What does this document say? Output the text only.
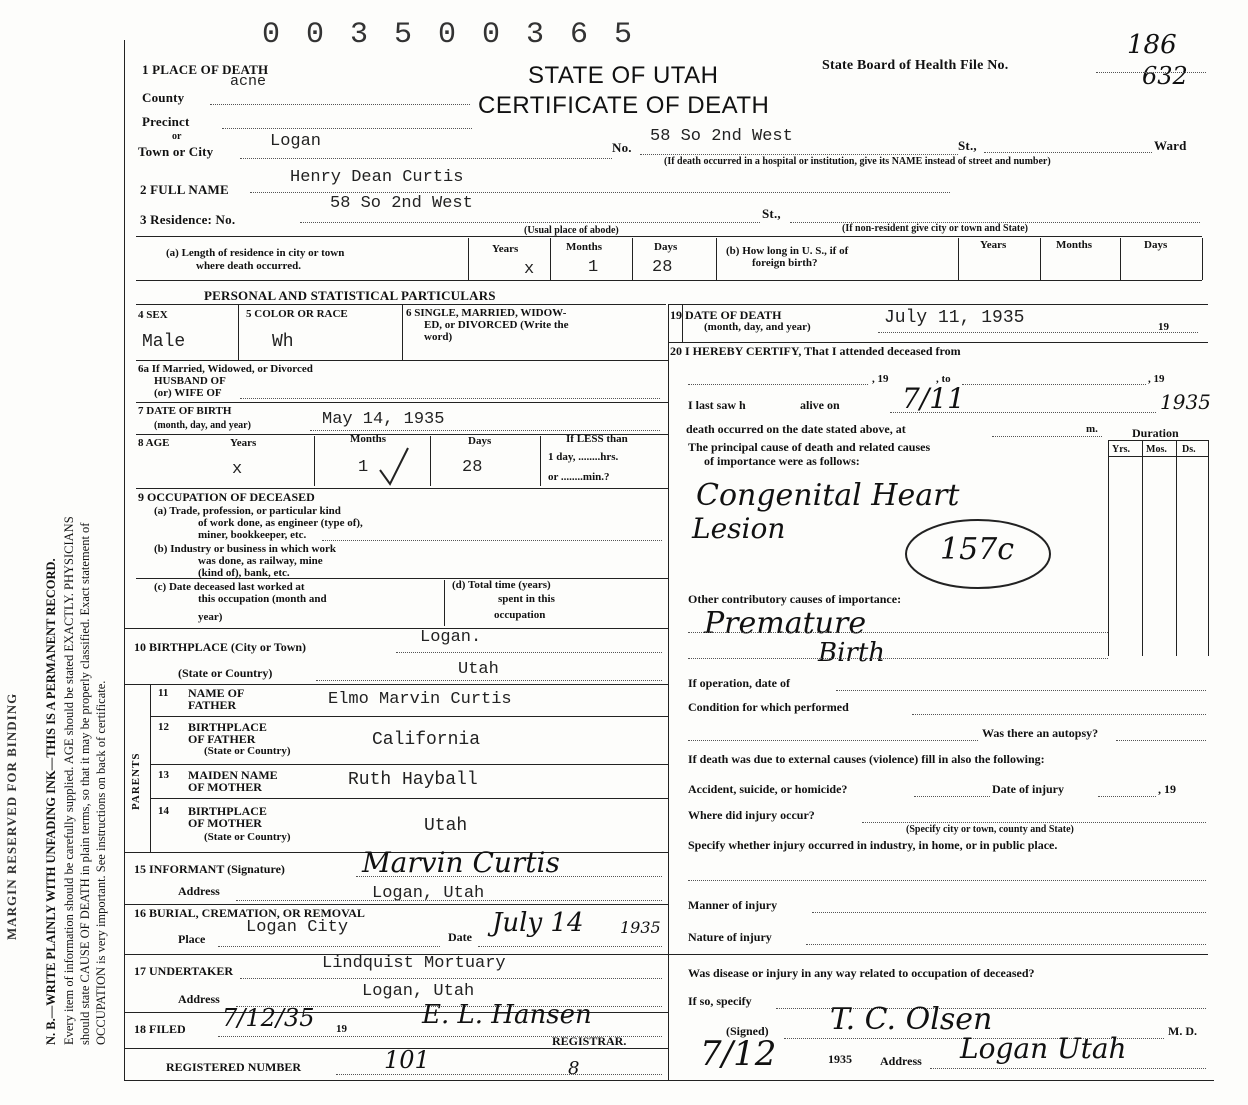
N. B.—WRITE PLAINLY WITH UNFADING INK—THIS IS A PERMANENT RECORD. Every item of information should be carefully supplied. AGE should be stated EXACTLY. PHYSICIANS should state CAUSE OF DEATH in plain terms, so that it may be properly classified. Exact statement of OCCUPATION is very important. See instructions on back of certificate.
MARGIN RESERVED FOR BINDING
0 0 3 5 0 0 3 6 5
STATE OF UTAH
CERTIFICATE OF DEATH
State Board of Health File No.
186
632
1 PLACE OF DEATH
County
acne
Precinct
or
Town or City
Logan	No.
58 So 2nd West	St.,	Ward
(If death occurred in a hospital or institution, give its NAME instead of street and number)
2 FULL NAME
Henry Dean Curtis
3 Residence: No.
58 So 2nd West
St.,
(Usual place of abode)	(If non-resident give city or town and State)
(a) Length of residence in city or town
where death occurred.
Years	Months	Days
x	1	28
(b) How long in U. S., if of
foreign birth?
Years	Months	Days
PERSONAL AND STATISTICAL PARTICULARS
4 SEX
Male
5 COLOR OR RACE
Wh
6 SINGLE, MARRIED, WIDOW-
ED, or DIVORCED (Write the
word)
6a If Married, Widowed, or Divorced
HUSBAND OF
(or) WIFE OF
7 DATE OF BIRTH
(month, day, and year)	May 14, 1935
8 AGE	Years	Months	Days	If LESS than
1 day, ........hrs.
or ........min.?
x	1	28
9 OCCUPATION OF DECEASED
(a) Trade, profession, or particular kind
of work done, as engineer (type of),
miner, bookkeeper, etc.
(b) Industry or business in which work
was done, as railway, mine
(kind of), bank, etc.
(c) Date deceased last worked at
this occupation (month and
year)
(d) Total time (years)
spent in this
occupation
10 BIRTHPLACE (City or Town)	Logan.
(State or Country)	Utah
PARENTS
11 NAME OF
FATHER	Elmo Marvin Curtis
12 BIRTHPLACE
OF FATHER
(State or Country)
California
13 MAIDEN NAME
OF MOTHER	Ruth Hayball
14 BIRTHPLACE
OF MOTHER
(State or Country)
Utah
15 INFORMANT (Signature)	Marvin Curtis
Address	Logan, Utah
16 BURIAL, CREMATION, OR REMOVAL
Place
Logan City	Date July 14 1935
17 UNDERTAKER	Lindquist Mortuary
Address	Logan, Utah
18 FILED 7/12/35 19	E. L. Hansen
REGISTRAR.
REGISTERED NUMBER	101	8
19 DATE OF DEATH
(month, day, and year)	July 11, 1935	19
20 I HEREBY CERTIFY, That I attended deceased from
, 19	, to	, 19
I last saw h	alive on 7/11	1935
death occurred on the date stated above, at	m.	Duration
Yrs. Mos. Ds.
The principal cause of death and related causes
of importance were as follows:
Congenital Heart
Lesion
157c
Other contributory causes of importance:
Premature
Birth
If operation, date of
Condition for which performed
Was there an autopsy?
If death was due to external causes (violence) fill in also the following:
Accident, suicide, or homicide?	Date of injury	, 19
Where did injury occur?
(Specify city or town, county and State)
Specify whether injury occurred in industry, in home, or in public place.
Manner of injury
Nature of injury
Was disease or injury in any way related to occupation of deceased?
If so, specify
(Signed) T. C. Olsen	M. D.
7/12	1935 Address Logan Utah
